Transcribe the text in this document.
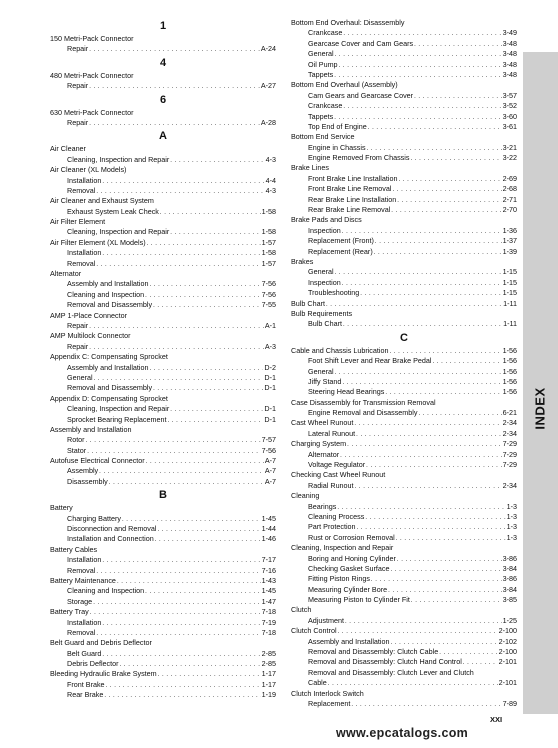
1
150 Metri-Pack Connector
Repair . . .	A-24
4
480 Metri-Pack Connector
Repair . . .	A-27
6
630 Metri-Pack Connector
Repair . . .	A-28
A
Air Cleaner
Cleaning, Inspection and Repair . . .	4-3
Air Cleaner (XL Models)
Installation . . .	4-4
Removal . . .	4-3
Air Cleaner and Exhaust System
Exhaust System Leak Check . . .	1-58
Air Filter Element
Cleaning, Inspection and Repair . . .	1-58
Air Filter Element (XL Models) . . .	1-57
Installation . . .	1-58
Removal . . .	1-57
Alternator
Assembly and Installation . . .	7-56
Cleaning and Inspection . . .	7-56
Removal and Disassembly . . .	7-55
AMP 1-Place Connector
Repair . . .	A-1
AMP Multilock Connector
Repair . . .	A-3
Appendix C: Compensating Sprocket
Assembly and Installation . . .	D-2
General . . .	D-1
Removal and Disassembly . . .	D-1
Appendix D: Compensating Sprocket
Cleaning, Inspection and Repair . . .	D-1
Sprocket Bearing Replacement . . .	D-1
Assembly and Installation
Rotor . . .	7-57
Stator . . .	7-56
Autofuse Electrical Connector . . .	A-7
Assembly . . .	A-7
Disassembly . . .	A-7
B
Battery
Charging Battery . . .	1-45
Disconnection and Removal . . .	1-44
Installation and Connection . . .	1-46
Battery Cables
Installation . . .	7-17
Removal . . .	7-16
Battery Maintenance . . .	1-43
Cleaning and Inspection . . .	1-45
Storage . . .	1-47
Battery Tray . . .	7-18
Installation . . .	7-19
Removal . . .	7-18
Belt Guard and Debris Deflector
Belt Guard . . .	2-85
Debris Deflector . . .	2-85
Bleeding Hydraulic Brake System . . .	1-17
Front Brake . . .	1-17
Rear Brake . . .	1-19
Bottom End Overhaul: Disassembly
Crankcase . . .	3-49
Gearcase Cover and Cam Gears . . .	3-48
General . . .	3-48
Oil Pump . . .	3-48
Tappets . . .	3-48
Bottom End Overhaul (Assembly)
Cam Gears and Gearcase Cover . . .	3-57
Crankcase . . .	3-52
Tappets . . .	3-60
Top End of Engine . . .	3-61
Bottom End Service
Engine in Chassis . . .	3-21
Engine Removed From Chassis . . .	3-22
Brake Lines
Front Brake Line Installation . . .	2-69
Front Brake Line Removal . . .	2-68
Rear Brake Line Installation . . .	2-71
Rear Brake Line Removal . . .	2-70
Brake Pads and Discs
Inspection . . .	1-36
Replacement (Front) . . .	1-37
Replacement (Rear) . . .	1-39
Brakes
General . . .	1-15
Inspection . . .	1-15
Troubleshooting . . .	1-15
Bulb Chart . . .	1-11
Bulb Requirements
Bulb Chart . . .	1-11
C
Cable and Chassis Lubrication . . .	1-56
Foot Shift Lever and Rear Brake Pedal . . .	1-56
General . . .	1-56
Jiffy Stand . . .	1-56
Steering Head Bearings . . .	1-56
Case Disassembly for Transmission Removal
Engine Removal and Disassembly . . .	6-21
Cast Wheel Runout . . .	2-34
Lateral Runout . . .	2-34
Charging System . . .	7-29
Alternator . . .	7-29
Voltage Regulator . . .	7-29
Checking Cast Wheel Runout
Radial Runout . . .	2-34
Cleaning
Bearings . . .	1-3
Cleaning Process . . .	1-3
Part Protection . . .	1-3
Rust or Corrosion Removal . . .	1-3
Cleaning, Inspection and Repair
Boring and Honing Cylinder . . .	3-86
Checking Gasket Surface . . .	3-84
Fitting Piston Rings . . .	3-86
Measuring Cylinder Bore . . .	3-84
Measuring Piston to Cylinder Fit . . .	3-85
Clutch
Adjustment . . .	1-25
Clutch Control . . .	2-100
Assembly and Installation . . .	2-102
Removal and Disassembly: Clutch Cable . . .	2-100
Removal and Disassembly: Clutch Hand Control . . .	2-101
Removal and Disassembly: Clutch Lever and Clutch
Cable . . .	2-101
Clutch Interlock Switch
Replacement . . .	7-89
INDEX
XXI
www.epcatalogs.com
